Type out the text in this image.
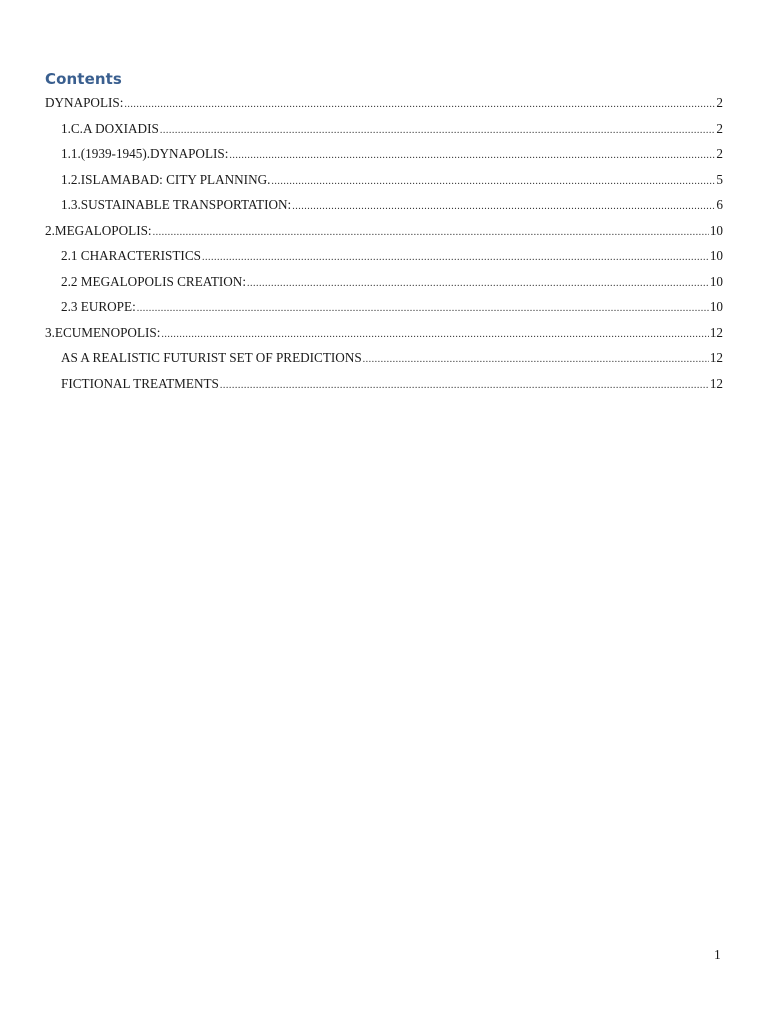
Contents
DYNAPOLIS: .....	2
1.C.A DOXIADIS .....	2
1.1.(1939-1945).DYNAPOLIS: .....	2
1.2.ISLAMABAD: CITY PLANNING. .....	5
1.3.SUSTAINABLE TRANSPORTATION: .....	6
2.MEGALOPOLIS: .....	10
2.1 CHARACTERISTICS .....	10
2.2 MEGALOPOLIS CREATION: .....	10
2.3 EUROPE: .....	10
3.ECUMENOPOLIS: .....	12
AS A REALISTIC FUTURIST SET OF PREDICTIONS .....	12
FICTIONAL TREATMENTS .....	12
1
